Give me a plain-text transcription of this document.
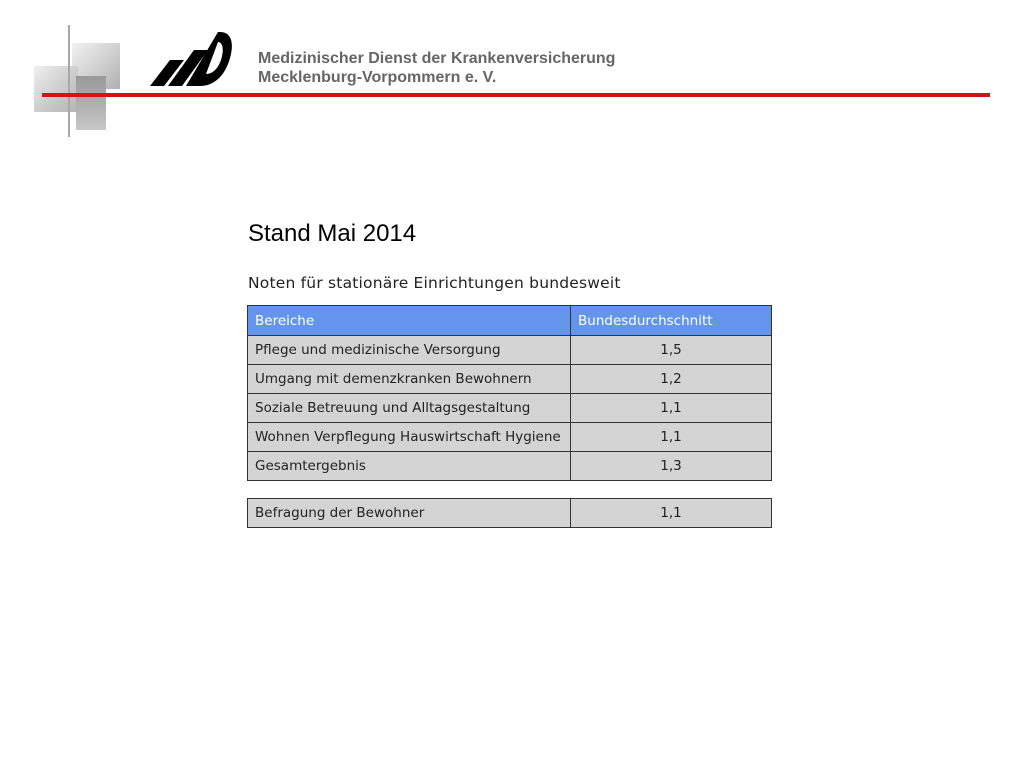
Medizinischer Dienst der Krankenversicherung
Mecklenburg-Vorpommern e. V.
Stand Mai 2014
Noten für stationäre Einrichtungen bundesweit
Bereiche	Bundesdurchschnitt
Pflege und medizinische Versorgung	1,5
Umgang mit demenzkranken Bewohnern	1,2
Soziale Betreuung und Alltagsgestaltung	1,1
Wohnen Verpflegung Hauswirtschaft Hygiene	1,1
Gesamtergebnis	1,3
Befragung der Bewohner	1,1
